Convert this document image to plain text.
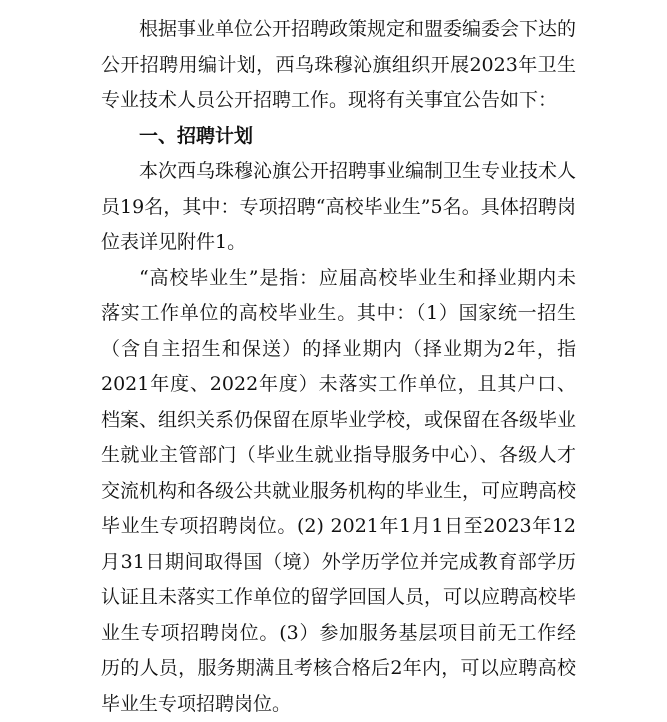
根据事业单位公开招聘政策规定和盟委编委会下达的公开招聘用编计划，西乌珠穆沁旗组织开展2023年卫生专业技术人员公开招聘工作。现将有关事宜公告如下：

一、招聘计划

本次西乌珠穆沁旗公开招聘事业编制卫生专业技术人员19名，其中：专项招聘“高校毕业生”5名。具体招聘岗位表详见附件1。

“高校毕业生”是指：应届高校毕业生和择业期内未落实工作单位的高校毕业生。其中：（1）国家统一招生（含自主招生和保送）的择业期内（择业期为2年，指2021年度、2022年度）未落实工作单位，且其户口、档案、组织关系仍保留在原毕业学校，或保留在各级毕业生就业主管部门（毕业生就业指导服务中心）、各级人才交流机构和各级公共就业服务机构的毕业生，可应聘高校毕业生专项招聘岗位。(2) 2021年1月1日至2023年12月31日期间取得国（境）外学历学位并完成教育部学历认证且未落实工作单位的留学回国人员，可以应聘高校毕业生专项招聘岗位。(3）参加服务基层项目前无工作经历的人员，服务期满且考核合格后2年内，可以应聘高校毕业生专项招聘岗位。
